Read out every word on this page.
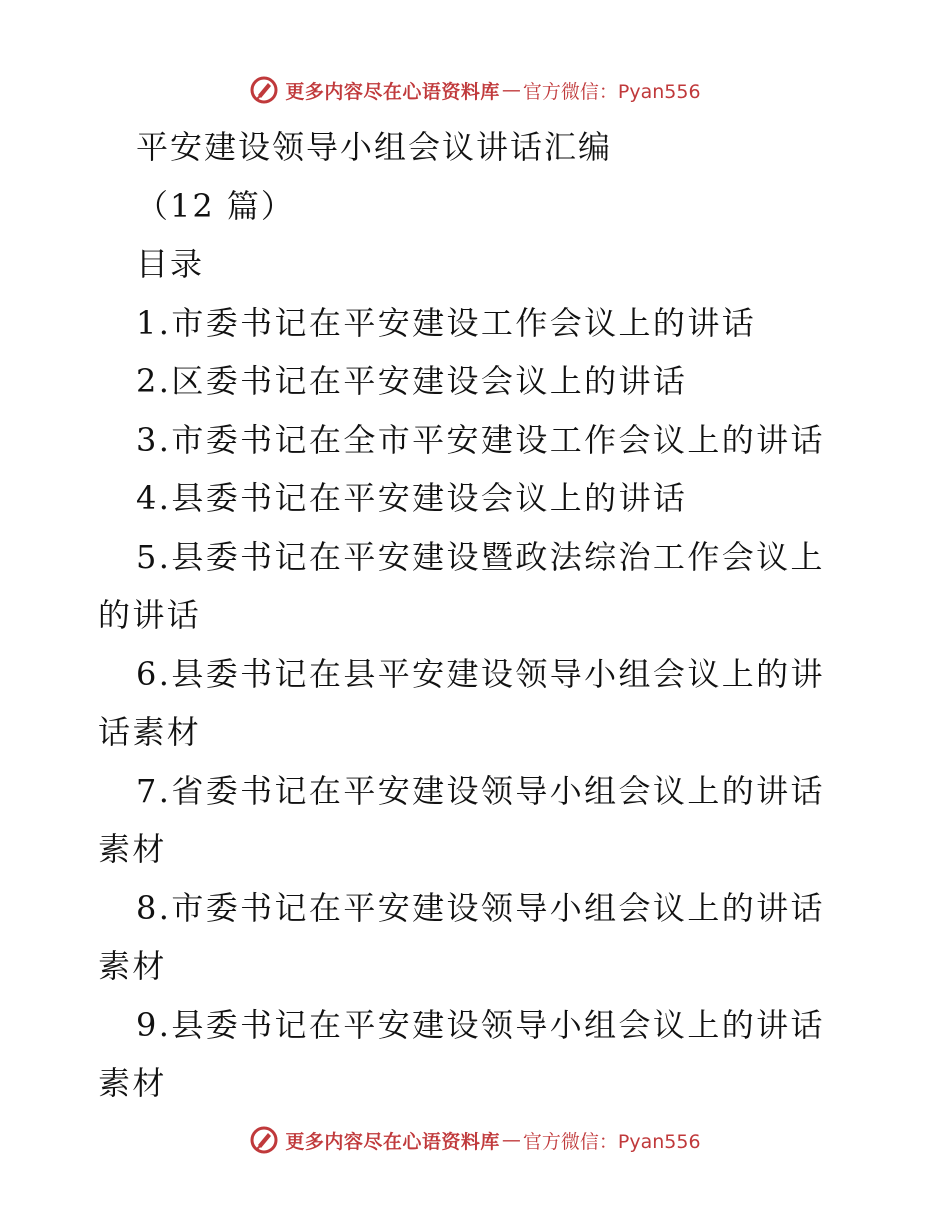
更多内容尽在心语资料库 — 官方微信：Pyan556
平安建设领导小组会议讲话汇编
（12 篇）
目录
1.市委书记在平安建设工作会议上的讲话
2.区委书记在平安建设会议上的讲话
3.市委书记在全市平安建设工作会议上的讲话
4.县委书记在平安建设会议上的讲话
5.县委书记在平安建设暨政法综治工作会议上的讲话
6.县委书记在县平安建设领导小组会议上的讲话素材
7.省委书记在平安建设领导小组会议上的讲话素材
8.市委书记在平安建设领导小组会议上的讲话素材
9.县委书记在平安建设领导小组会议上的讲话素材
更多内容尽在心语资料库 — 官方微信：Pyan556
